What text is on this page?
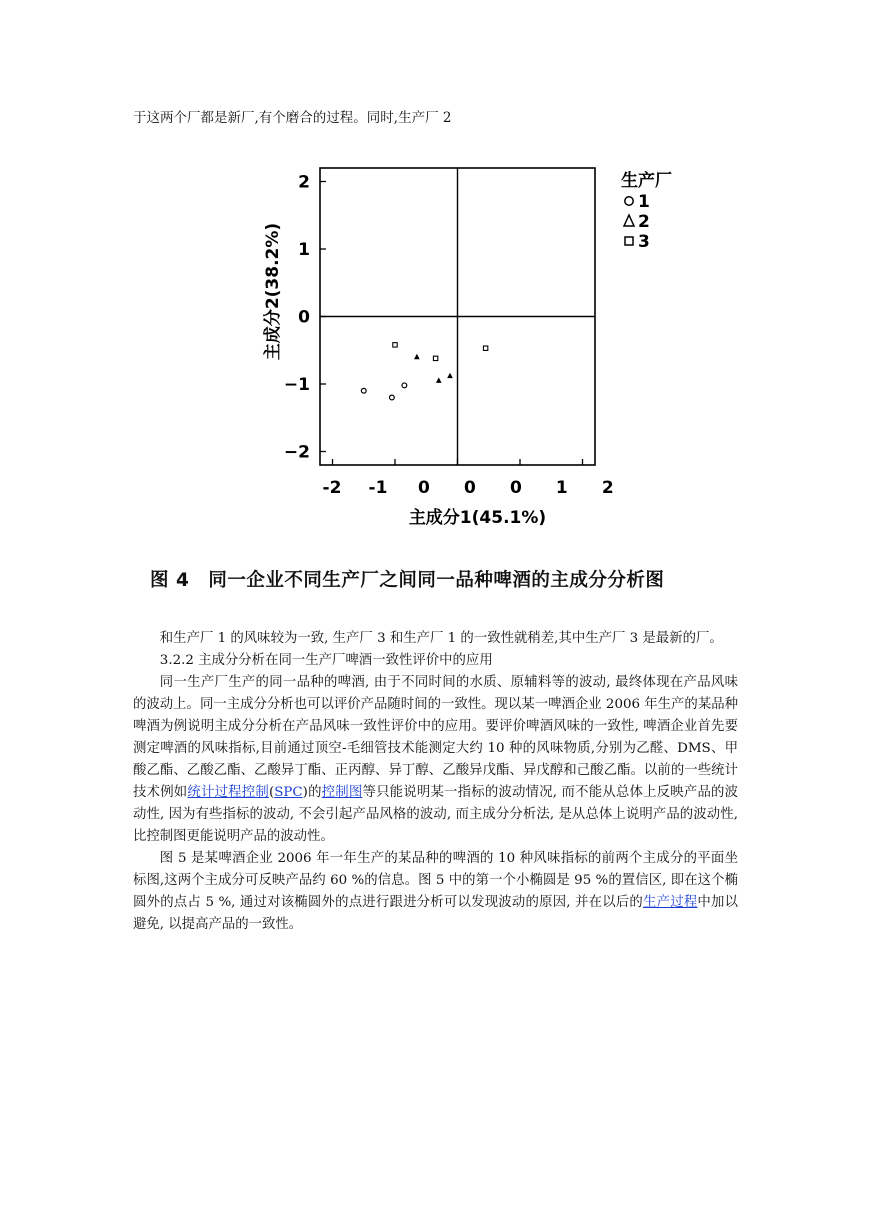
于这两个厂都是新厂,有个磨合的过程。同时,生产厂 2
2
1
0
−1
−2
-2 -1 0 0 0 1 2
主成分1(45.1%)
主成分2(38.2%)
生产厂
1
2
3
图 4　同一企业不同生产厂之间同一品种啤酒的主成分分析图

和生产厂 1 的风味较为一致, 生产厂 3 和生产厂 1 的一致性就稍差,其中生产厂 3 是最新的厂。

3.2.2 主成分分析在同一生产厂啤酒一致性评价中的应用

同一生产厂生产的同一品种的啤酒, 由于不同时间的水质、原辅料等的波动, 最终体现在产品风味的波动上。同一主成分分析也可以评价产品随时间的一致性。现以某一啤酒企业 2006 年生产的某品种啤酒为例说明主成分分析在产品风味一致性评价中的应用。要评价啤酒风味的一致性, 啤酒企业首先要测定啤酒的风味指标,目前通过顶空-毛细管技术能测定大约 10 种的风味物质,分别为乙醛、DMS、甲酸乙酯、乙酸乙酯、乙酸异丁酯、正丙醇、异丁醇、乙酸异戊酯、异戊醇和己酸乙酯。以前的一些统计技术例如统计过程控制(SPC)的控制图等只能说明某一指标的波动情况, 而不能从总体上反映产品的波动性, 因为有些指标的波动, 不会引起产品风格的波动, 而主成分分析法, 是从总体上说明产品的波动性,比控制图更能说明产品的波动性。

图 5 是某啤酒企业 2006 年一年生产的某品种的啤酒的 10 种风味指标的前两个主成分的平面坐标图,这两个主成分可反映产品约 60 %的信息。图 5 中的第一个小椭圆是 95 %的置信区, 即在这个椭圆外的点占 5 %, 通过对该椭圆外的点进行跟进分析可以发现波动的原因, 并在以后的生产过程中加以避免, 以提高产品的一致性。
